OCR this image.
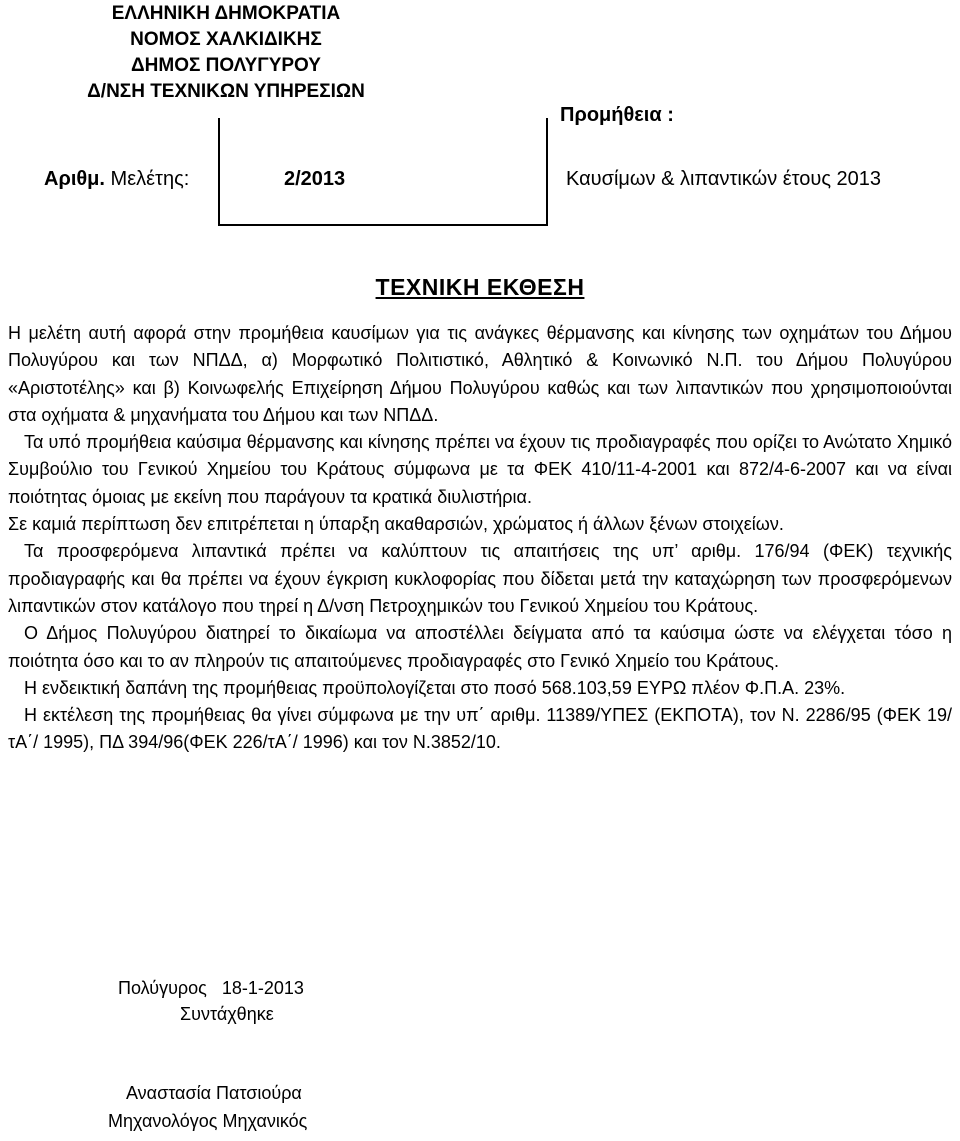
ΕΛΛΗΝΙΚΗ ΔΗΜΟΚΡΑΤΙΑ
ΝΟΜΟΣ ΧΑΛΚΙΔΙΚΗΣ
ΔΗΜΟΣ ΠΟΛΥΓΥΡΟΥ
Δ/ΝΣΗ ΤΕΧΝΙΚΩΝ ΥΠΗΡΕΣΙΩΝ
Προμήθεια :
Αριθμ. Μελέτης:	2/2013	Καυσίμων & λιπαντικών έτους 2013
ΤΕΧΝΙΚΗ ΕΚΘΕΣΗ

Η μελέτη αυτή αφορά στην προμήθεια καυσίμων για τις ανάγκες θέρμανσης και κίνησης των οχημάτων του Δήμου Πολυγύρου και των ΝΠΔΔ, α) Μορφωτικό Πολιτιστικό, Αθλητικό & Κοινωνικό Ν.Π. του Δήμου Πολυγύρου «Αριστοτέλης» και β) Κοινωφελής Επιχείρηση Δήμου Πολυγύρου καθώς και των λιπαντικών που χρησιμοποιούνται στα οχήματα & μηχανήματα του Δήμου και των ΝΠΔΔ.

Τα υπό προμήθεια καύσιμα θέρμανσης και κίνησης πρέπει να έχουν τις προδιαγραφές που ορίζει το Ανώτατο Χημικό Συμβούλιο του Γενικού Χημείου του Κράτους σύμφωνα με τα ΦΕΚ 410/11-4-2001 και 872/4-6-2007 και να είναι ποιότητας όμοιας με εκείνη που παράγουν τα κρατικά διυλιστήρια.

Σε καμιά περίπτωση δεν επιτρέπεται η ύπαρξη ακαθαρσιών, χρώματος ή άλλων ξένων στοιχείων.

Τα προσφερόμενα λιπαντικά πρέπει να καλύπτουν τις απαιτήσεις της υπ’ αριθμ. 176/94 (ΦΕΚ) τεχνικής προδιαγραφής και θα πρέπει να έχουν έγκριση κυκλοφορίας που δίδεται μετά την καταχώρηση των προσφερόμενων λιπαντικών στον κατάλογο που τηρεί η Δ/νση Πετροχημικών του Γενικού Χημείου του Κράτους.

Ο Δήμος Πολυγύρου διατηρεί το δικαίωμα να αποστέλλει δείγματα από τα καύσιμα ώστε να ελέγχεται τόσο η ποιότητα όσο και το αν πληρούν τις απαιτούμενες προδιαγραφές στο Γενικό Χημείο του Κράτους.

Η ενδεικτική δαπάνη της προμήθειας προϋπολογίζεται στο ποσό 568.103,59 ΕΥΡΩ πλέον Φ.Π.Α. 23%.

Η εκτέλεση της προμήθειας θα γίνει σύμφωνα με την υπ΄ αριθμ. 11389/ΥΠΕΣ (ΕΚΠΟΤΑ), τον Ν. 2286/95 (ΦΕΚ 19/τΑ΄/ 1995), ΠΔ 394/96(ΦΕΚ 226/τΑ΄/ 1996) και τον Ν.3852/10.

Πολύγυρος   18-1-2013
Συντάχθηκε
Αναστασία Πατσιούρα
Μηχανολόγος Μηχανικός
